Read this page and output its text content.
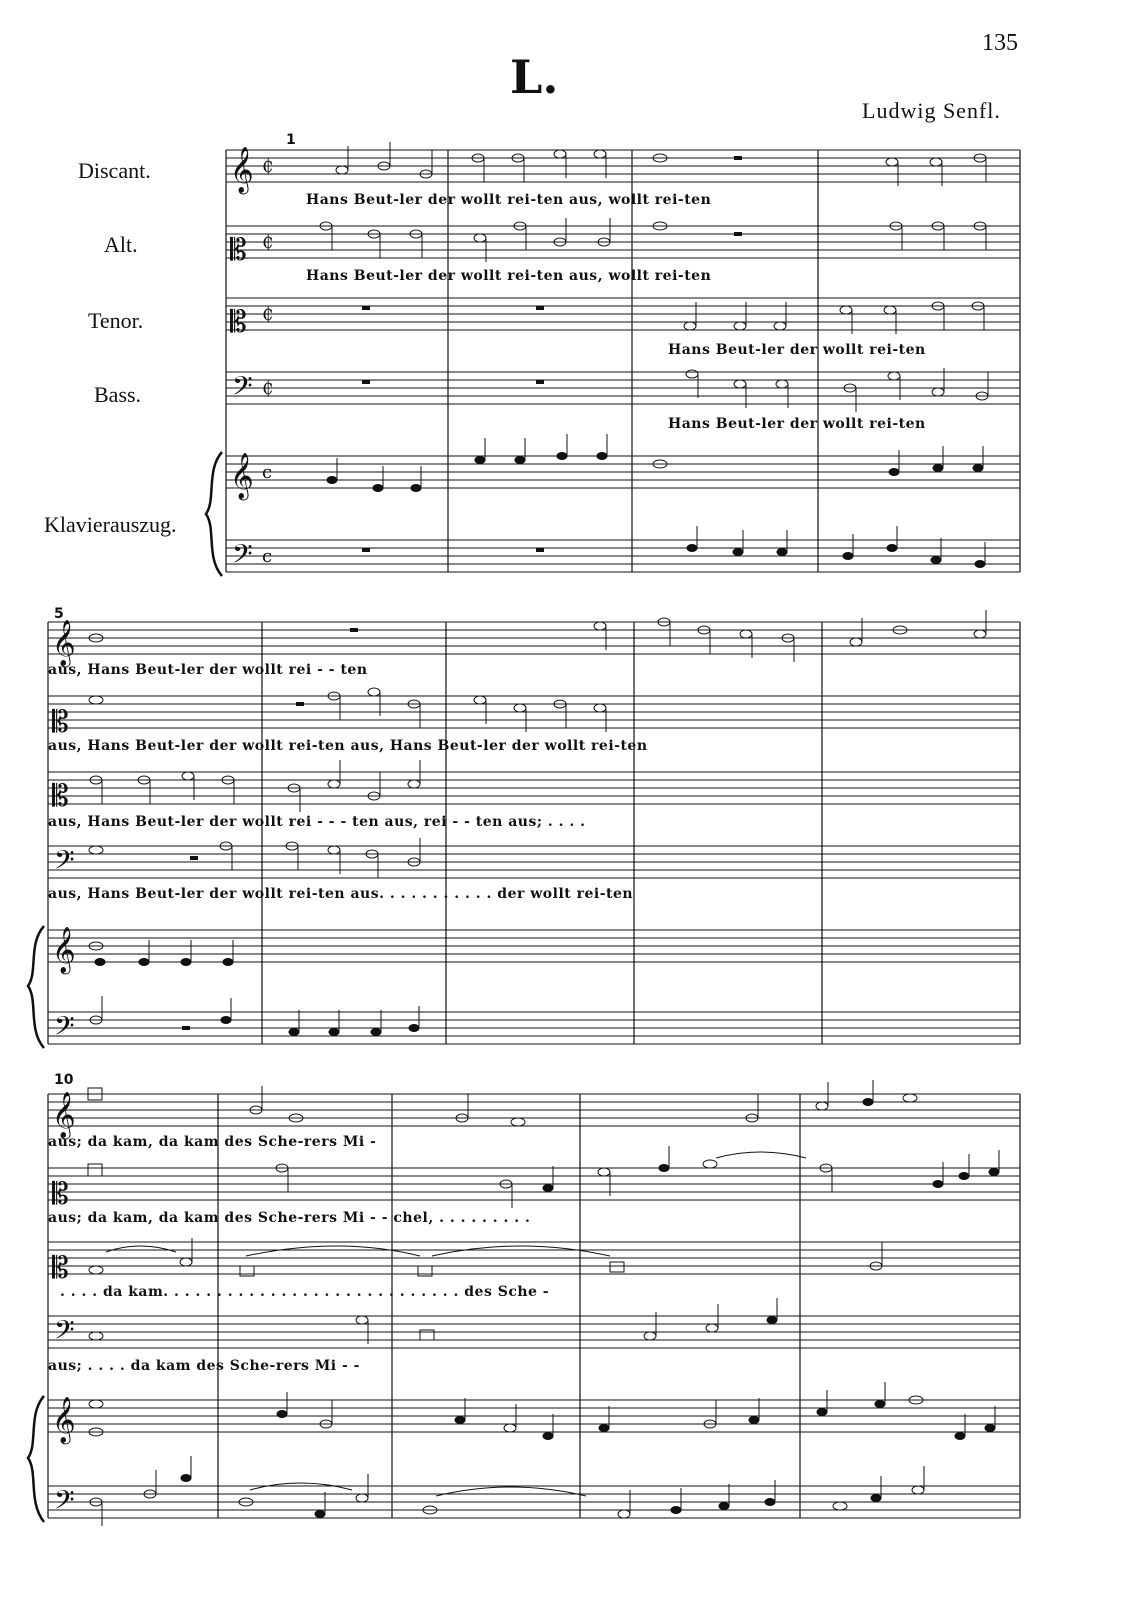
135
L.
Ludwig Senfl.
Discant.
Alt.
Tenor.
Bass.
Klavierauszug.
1
5
10
Hans Beut-ler der wollt rei-ten aus, wollt rei-ten
Hans Beut-ler der wollt rei-ten aus, wollt rei-ten
Hans Beut-ler der wollt rei-ten
Hans Beut-ler der wollt rei-ten
aus, Hans Beut-ler der wollt rei - - ten
aus, Hans Beut-ler der wollt rei-ten aus, Hans Beut-ler der wollt rei-ten
aus, Hans Beut-ler der wollt rei - - - ten aus, rei - - ten aus; . . . .
aus, Hans Beut-ler der wollt rei-ten aus. . . . . . . . . . . der wollt rei-ten
aus; da kam, da kam des Sche-rers Mi -
aus; da kam, da kam des Sche-rers Mi - - chel, . . . . . . . . .
. . . . da kam. . . . . . . . . . . . . . . . . . . . . . . . . . . . des Sche -
aus; . . . . da kam des Sche-rers Mi - -
𝄞
𝄡
𝄡
𝄢
𝄞
𝄢
₵
₵
₵
₵
c
c
𝄞
𝄡
𝄡
𝄢
𝄞
𝄢
𝄞
𝄡
𝄡
𝄢
𝄞
𝄢
